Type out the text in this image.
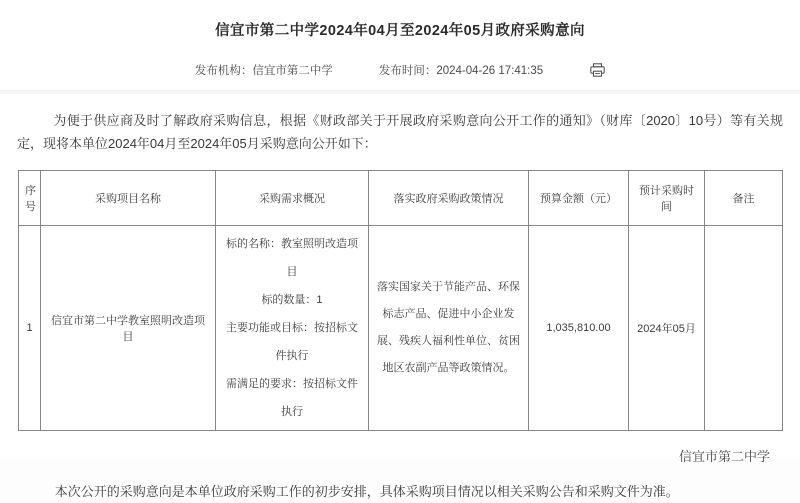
信宜市第二中学2024年04月至2024年05月政府采购意向
发布机构：信宜市第二中学	发布时间：2024-04-26 17:41:35

为便于供应商及时了解政府采购信息，根据《财政部关于开展政府采购意向公开工作的通知》（财库〔2020〕10号）等有关规定，现将本单位2024年04月至2024年05月采购意向公开如下：

序号	采购项目名称	采购需求概况	落实政府采购政策情况	预算金额（元）	预计采购时间	备注
1	信宜市第二中学教室照明改造项目	标的名称：教室照明改造项目
标的数量：1
主要功能或目标：按招标文件执行
需满足的要求：按招标文件执行	落实国家关于节能产品、环保标志产品、促进中小企业发展、残疾人福利性单位、贫困地区农副产品等政策情况。	1,035,810.00	2024年05月	

本次公开的采购意向是本单位政府采购工作的初步安排，具体采购项目情况以相关采购公告和采购文件为准。

信宜市第二中学
